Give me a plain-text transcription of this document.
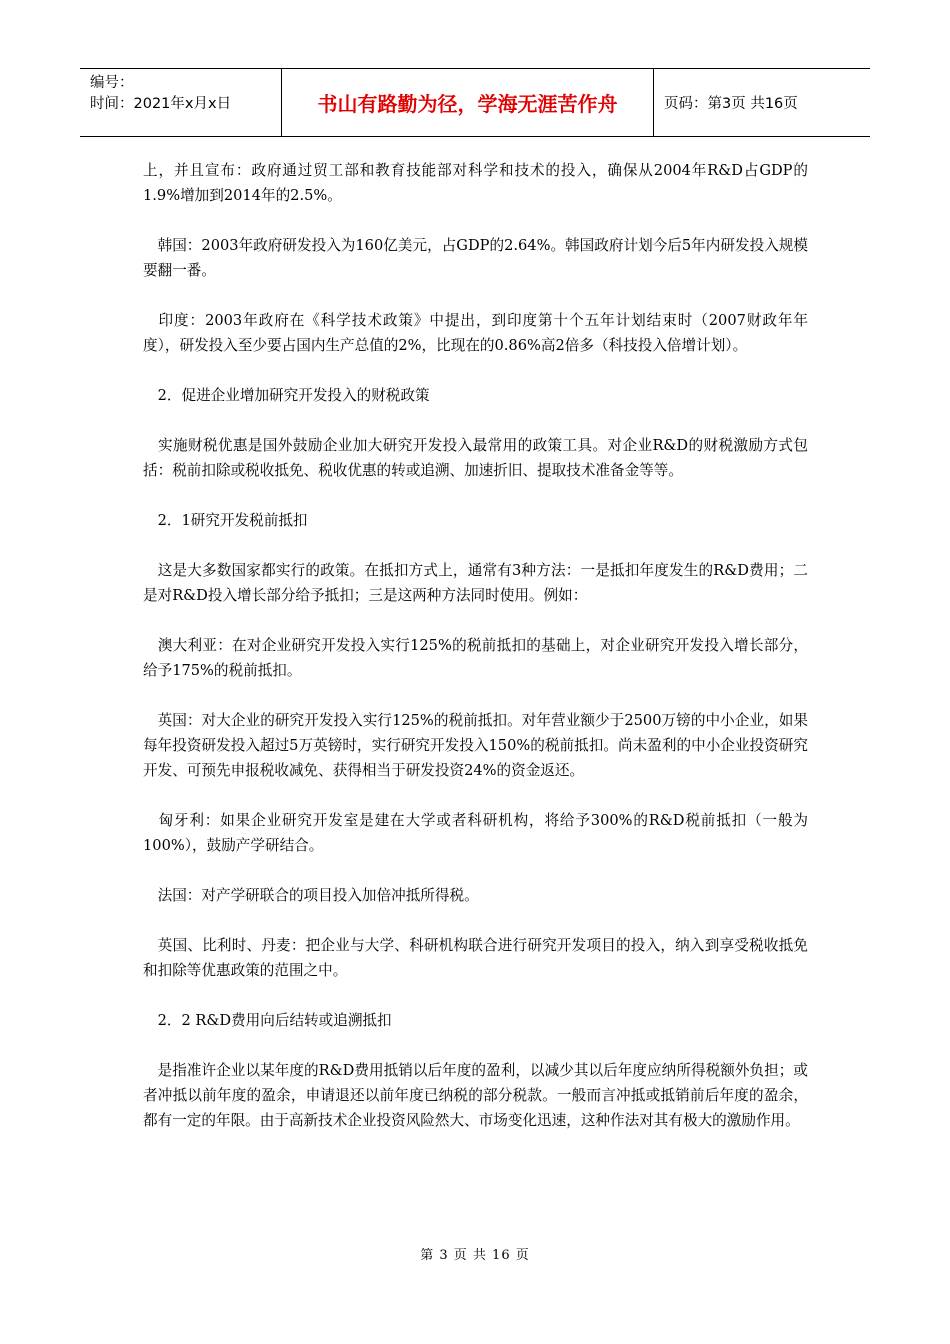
编号：
时间：2021年x月x日	书山有路勤为径，学海无涯苦作舟	页码：第3页 共16页

上，并且宣布：政府通过贸工部和教育技能部对科学和技术的投入，确保从2004年R&D占GDP的1.9%增加到2014年的2.5%。

　韩国：2003年政府研发投入为160亿美元，占GDP的2.64%。韩国政府计划今后5年内研发投入规模要翻一番。

　印度：2003年政府在《科学技术政策》中提出，到印度第十个五年计划结束时（2007财政年年度），研发投入至少要占国内生产总值的2%，比现在的0.86%高2倍多（科技投入倍增计划）。

　2．促进企业增加研究开发投入的财税政策

　实施财税优惠是国外鼓励企业加大研究开发投入最常用的政策工具。对企业R&D的财税激励方式包括：税前扣除或税收抵免、税收优惠的转或追溯、加速折旧、提取技术准备金等等。

　2．1研究开发税前抵扣

　这是大多数国家都实行的政策。在抵扣方式上，通常有3种方法：一是抵扣年度发生的R&D费用；二是对R&D投入增长部分给予抵扣；三是这两种方法同时使用。例如：

　澳大利亚：在对企业研究开发投入实行125%的税前抵扣的基础上，对企业研究开发投入增长部分，给予175%的税前抵扣。

　英国：对大企业的研究开发投入实行125%的税前抵扣。对年营业额少于2500万镑的中小企业，如果每年投资研发投入超过5万英镑时，实行研究开发投入150%的税前抵扣。尚未盈利的中小企业投资研究开发、可预先申报税收减免、获得相当于研发投资24%的资金返还。

　匈牙利：如果企业研究开发室是建在大学或者科研机构，将给予300%的R&D税前抵扣（一般为100%），鼓励产学研结合。

　法国：对产学研联合的项目投入加倍冲抵所得税。

　英国、比利时、丹麦：把企业与大学、科研机构联合进行研究开发项目的投入，纳入到享受税收抵免和扣除等优惠政策的范围之中。

　2．2 R&D费用向后结转或追溯抵扣

　是指准许企业以某年度的R&D费用抵销以后年度的盈利，以减少其以后年度应纳所得税额外负担；或者冲抵以前年度的盈余，申请退还以前年度已纳税的部分税款。一般而言冲抵或抵销前后年度的盈余，都有一定的年限。由于高新技术企业投资风险然大、市场变化迅速，这种作法对其有极大的激励作用。

第 3 页 共 16 页
